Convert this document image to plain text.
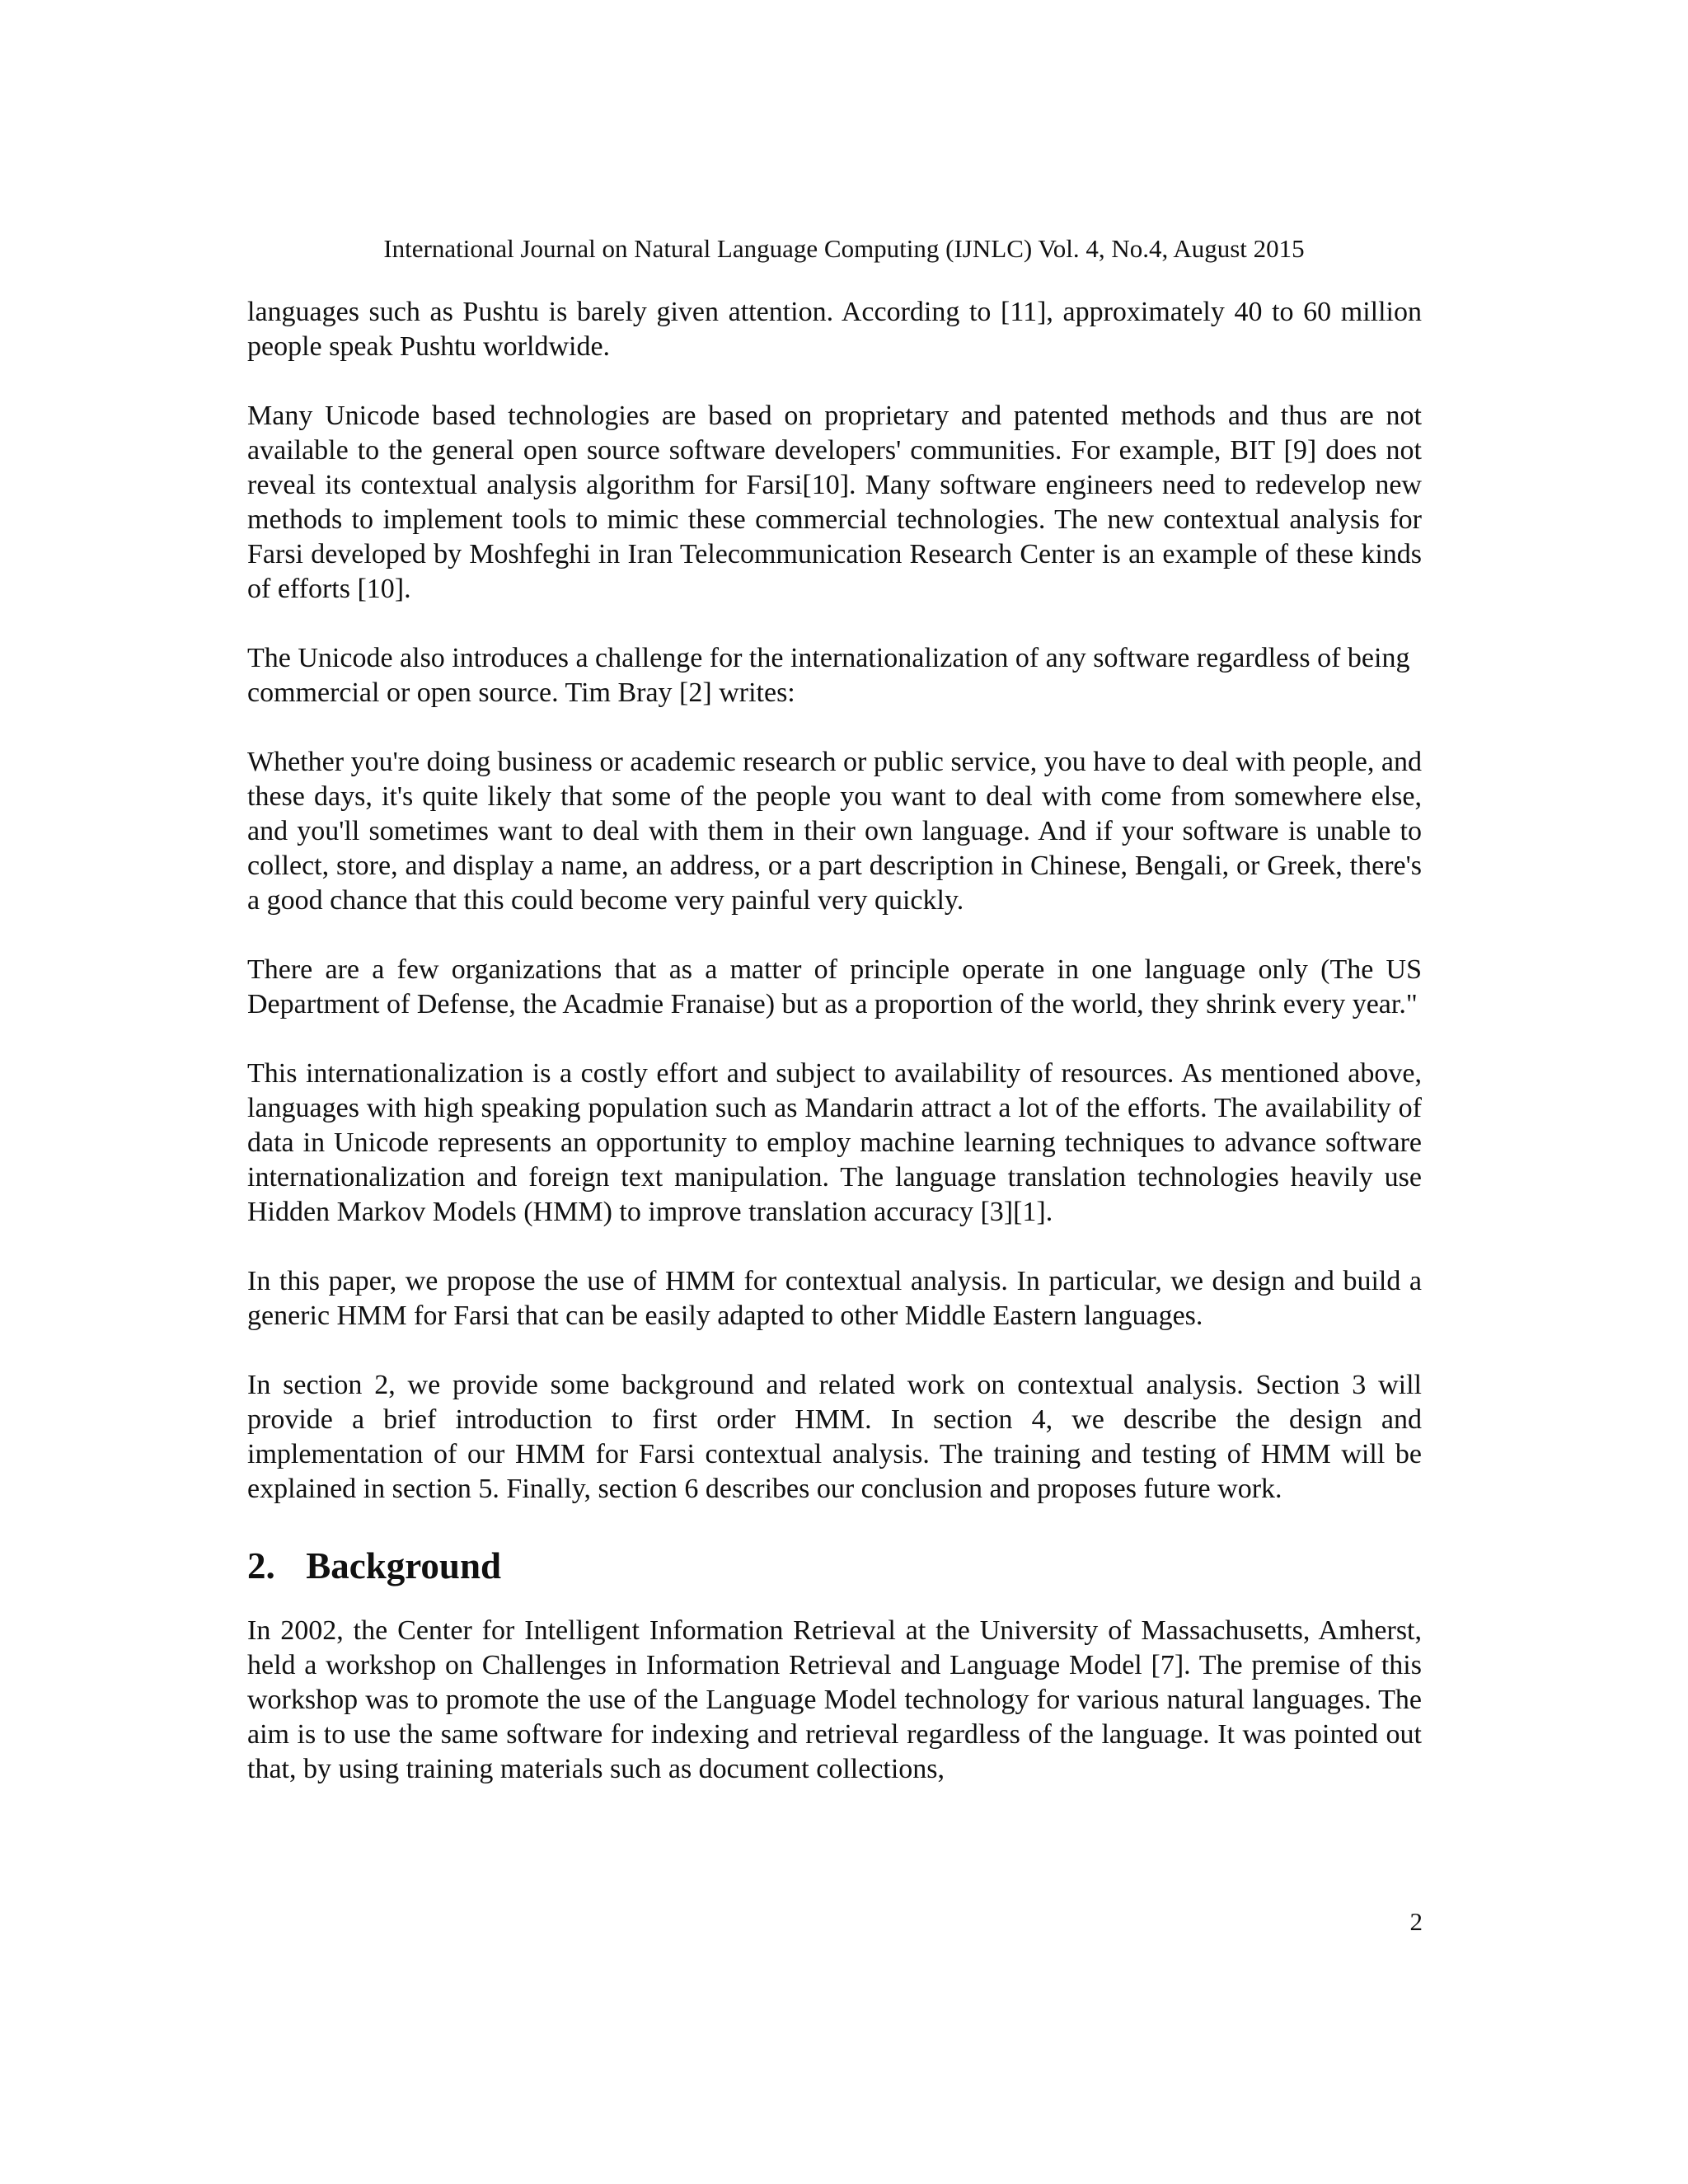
International Journal on Natural Language Computing (IJNLC) Vol. 4, No.4, August 2015

languages such as Pushtu is barely given attention. According to [11], approximately 40 to 60 million people speak Pushtu worldwide.

Many Unicode based technologies are based on proprietary and patented methods and thus are not available to the general open source software developers' communities. For example, BIT [9] does not reveal its contextual analysis algorithm for Farsi[10]. Many software engineers need to redevelop new methods to implement tools to mimic these commercial technologies. The new contextual analysis for Farsi developed by Moshfeghi in Iran Telecommunication Research Center is an example of these kinds of efforts [10].

The Unicode also introduces a challenge for the internationalization of any software regardless of being commercial or open source. Tim Bray [2] writes:

Whether you're doing business or academic research or public service, you have to deal with people, and these days, it's quite likely that some of the people you want to deal with come from somewhere else, and you'll sometimes want to deal with them in their own language. And if your software is unable to collect, store, and display a name, an address, or a part description in Chinese, Bengali, or Greek, there's a good chance that this could become very painful very quickly.

There are a few organizations that as a matter of principle operate in one language only (The US Department of Defense, the Acadmie Franaise) but as a proportion of the world, they shrink every year."

This internationalization is a costly effort and subject to availability of resources. As mentioned above, languages with high speaking population such as Mandarin attract a lot of the efforts. The availability of data in Unicode represents an opportunity to employ machine learning techniques to advance software internationalization and foreign text manipulation. The language translation technologies heavily use Hidden Markov Models (HMM) to improve translation accuracy [3][1].

In this paper, we propose the use of HMM for contextual analysis. In particular, we design and build a generic HMM for Farsi that can be easily adapted to other Middle Eastern languages.

In section 2, we provide some background and related work on contextual analysis. Section 3 will provide a brief introduction to first order HMM. In section 4, we describe the design and implementation of our HMM for Farsi contextual analysis. The training and testing of HMM will be explained in section 5. Finally, section 6 describes our conclusion and proposes future work.

2. Background

In 2002, the Center for Intelligent Information Retrieval at the University of Massachusetts, Amherst, held a workshop on Challenges in Information Retrieval and Language Model [7]. The premise of this workshop was to promote the use of the Language Model technology for various natural languages. The aim is to use the same software for indexing and retrieval regardless of the language. It was pointed out that, by using training materials such as document collections,

2
